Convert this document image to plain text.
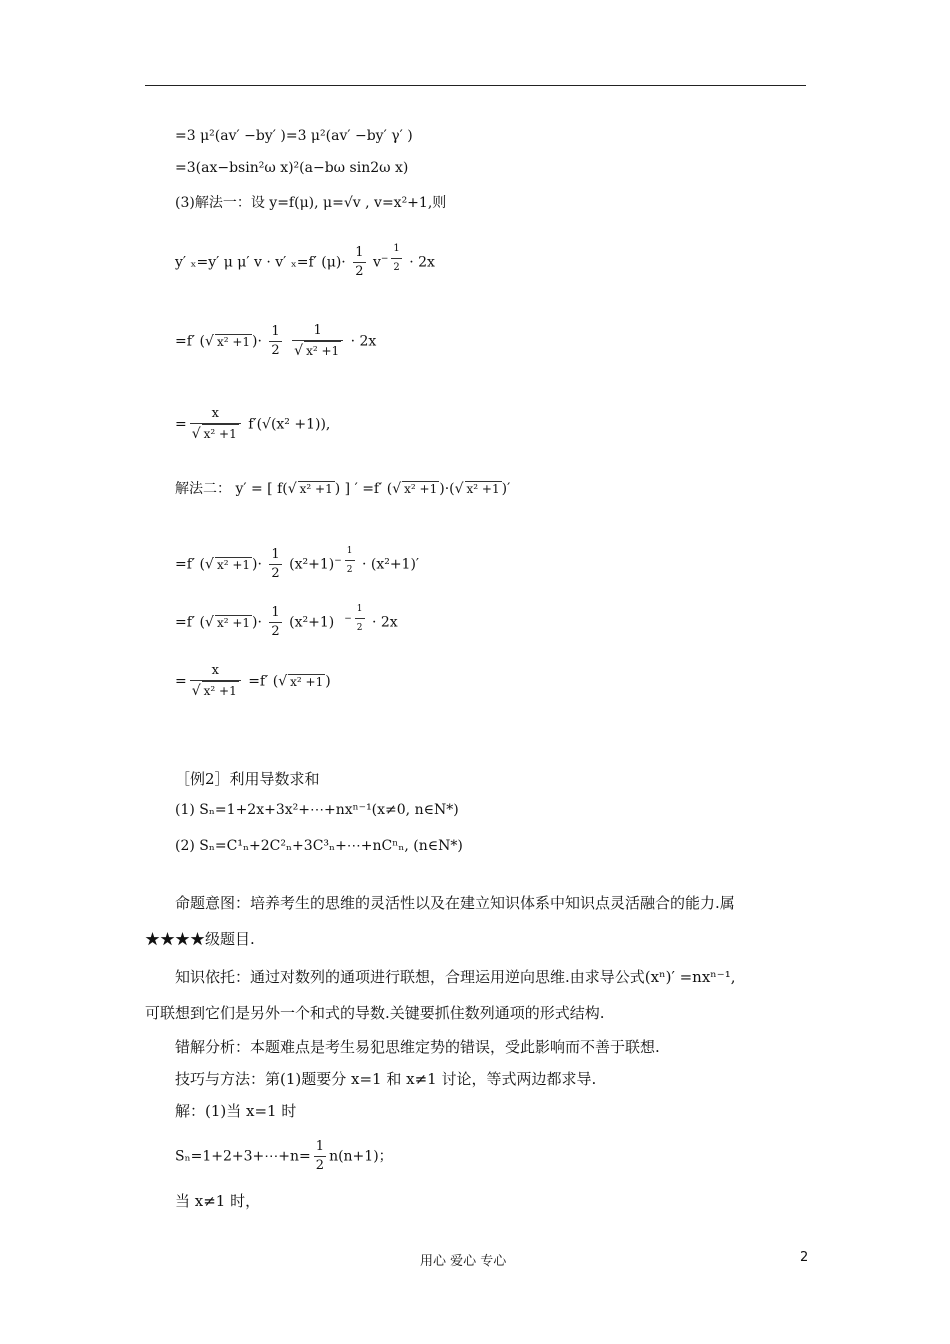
=3 μ²(av′ −by′ )=3 μ²(av′ −by′ γ′ )
=3(ax−bsin²ω x)²(a−bω sin2ω x)
(3)解法一：设 y=f(μ), μ=√v , v=x²+1,则
y′ ₓ=y′ μ μ′ v · v′ ₓ=f′ $(\mu)\cdot \frac{1}{2} v^{- \frac{1}{2}} \cdot 2x$
=f′ (√ x² +1 )· $\frac{1}{2}$
$\frac{1}{\text{√ x² +1}} \cdot 2x$
= $\frac{x}{\text{√ x² +1}} f'(√(x^2 +1))$,
解法二： y′ = [ f(√ x² +1 ) ] ′ =f′ (√ x² +1 )·(√ x² +1 )′
=f′ (√ x² +1 )· $\frac{1}{2} (x^2+1)^{- \frac{1}{2}} \cdot (x^2+1)'$
=f′ (√ x² +1 )· $\frac{1}{2} (x^2+1) ^{- \frac{1}{2}} \cdot 2x$
= $\frac{x}{\text{√ x² +1}} =f'$ (√ x² +1 )
［例2］利用导数求和
(1) Sₙ=1+2x+3x²+⋯+nxⁿ⁻¹(x≠0, n∈N*)
(2) Sₙ=C¹ₙ+2C²ₙ+3C³ₙ+⋯+nCⁿₙ, (n∈N*)
命题意图：培养考生的思维的灵活性以及在建立知识体系中知识点灵活融合的能力.属
★★★★级题目.
知识依托：通过对数列的通项进行联想，合理运用逆向思维.由求导公式(xⁿ)′ =nxⁿ⁻¹,
可联想到它们是另外一个和式的导数.关键要抓住数列通项的形式结构.
错解分析：本题难点是考生易犯思维定势的错误，受此影响而不善于联想.
技巧与方法：第(1)题要分 x=1 和 x≠1 讨论，等式两边都求导.
解：(1)当 x=1 时
Sₙ=1+2+3+⋯+n= $\frac{1}{2} n(n+1)$；
当 x≠1 时，
用心 爱心 专心	2
